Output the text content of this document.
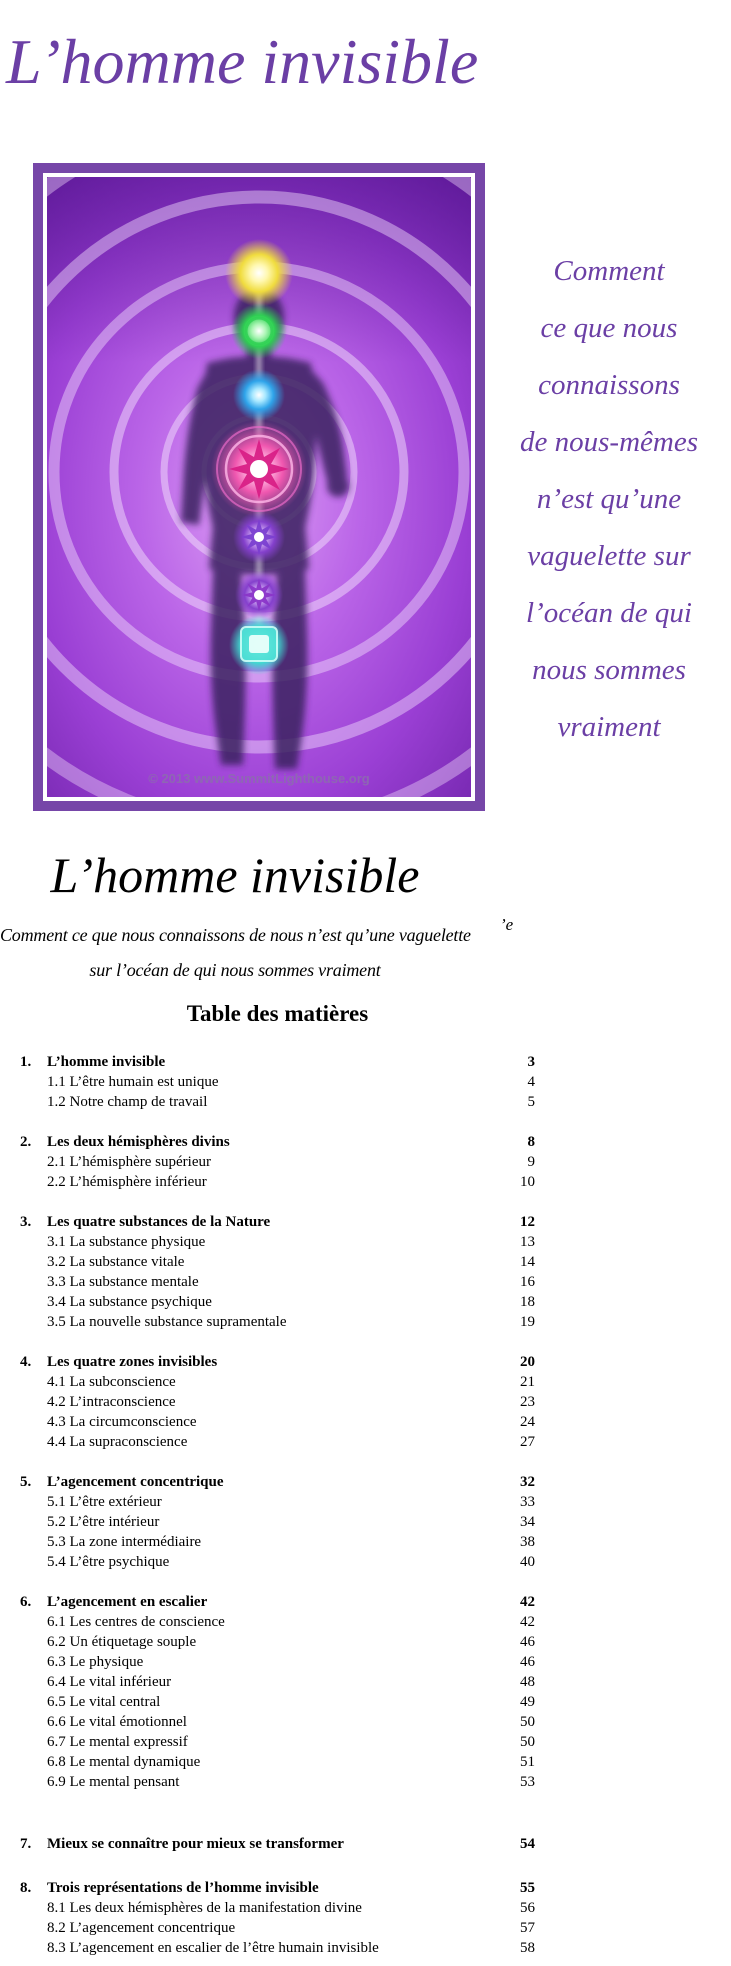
L’homme invisible
© 2013 www.SummitLighthouse.org
Comment
ce que nous
connaissons
de nous-mêmes
n’est qu’une
vaguelette sur
l’océan de qui
nous sommes
vraiment
L’homme invisible
Comment ce que nous connaissons de nous n’est qu’une vaguelette
sur l’océan de qui nous sommes vraiment
’e
Table des matières
1. L’homme invisible	3
1.1 L’être humain est unique	4
1.2 Notre champ de travail	5
2. Les deux hémisphères divins	8
2.1 L’hémisphère supérieur	9
2.2 L’hémisphère inférieur	10
3. Les quatre substances de la Nature	12
3.1 La substance physique	13
3.2 La substance vitale	14
3.3 La substance mentale	16
3.4 La substance psychique	18
3.5 La nouvelle substance supramentale	19
4. Les quatre zones invisibles	20
4.1 La subconscience	21
4.2 L’intraconscience	23
4.3 La circumconscience	24
4.4 La supraconscience	27
5. L’agencement concentrique	32
5.1 L’être extérieur	33
5.2 L’être intérieur	34
5.3 La zone intermédiaire	38
5.4 L’être psychique	40
6. L’agencement en escalier	42
6.1 Les centres de conscience	42
6.2 Un étiquetage souple	46
6.3 Le physique	46
6.4 Le vital inférieur	48
6.5 Le vital central	49
6.6 Le vital émotionnel	50
6.7 Le mental expressif	50
6.8 Le mental dynamique	51
6.9 Le mental pensant	53
7. Mieux se connaître pour mieux se transformer	54
8. Trois représentations de l’homme invisible	55
8.1 Les deux hémisphères de la manifestation divine	56
8.2 L’agencement concentrique	57
8.3 L’agencement en escalier de l’être humain invisible	58
